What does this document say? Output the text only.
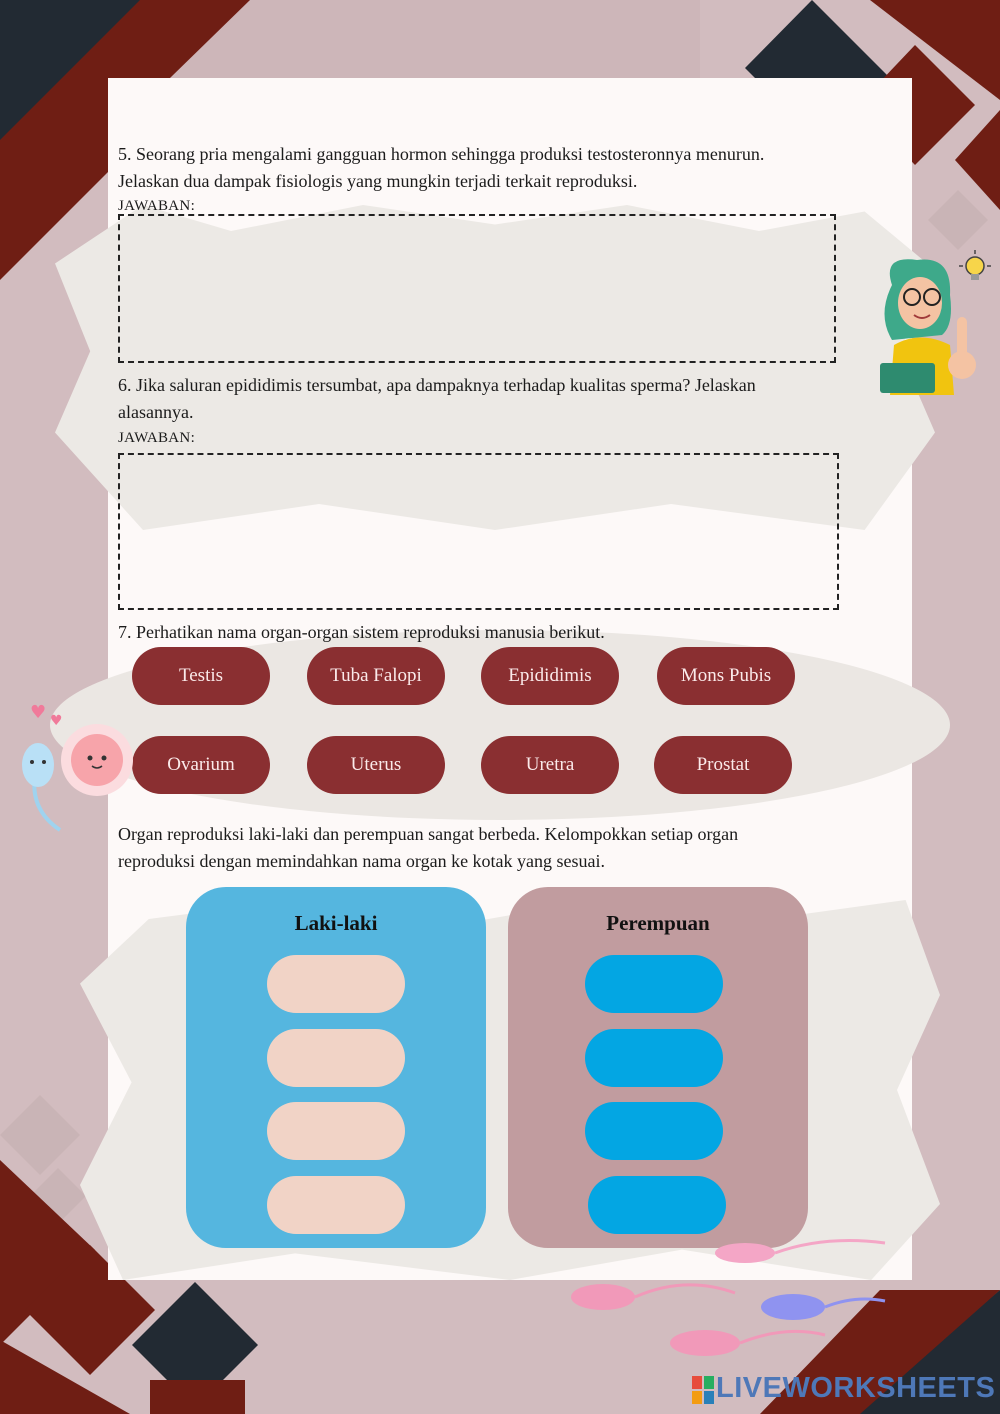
5. Seorang pria mengalami gangguan hormon sehingga produksi testosteronnya menurun.
Jelaskan dua dampak fisiologis yang mungkin terjadi terkait reproduksi.
JAWABAN:
6. Jika saluran epididimis tersumbat, apa dampaknya terhadap kualitas sperma? Jelaskan
alasannya.
JAWABAN:
7. Perhatikan nama organ-organ sistem reproduksi manusia berikut.
Testis	Tuba Falopi	Epididimis	Mons Pubis
Ovarium	Uterus	Uretra	Prostat
Organ reproduksi laki-laki dan perempuan sangat berbeda. Kelompokkan setiap organ
reproduksi dengan memindahkan nama organ ke kotak yang sesuai.
Laki-laki	Perempuan
♥ ♥
LIVEWORKSHEETS
